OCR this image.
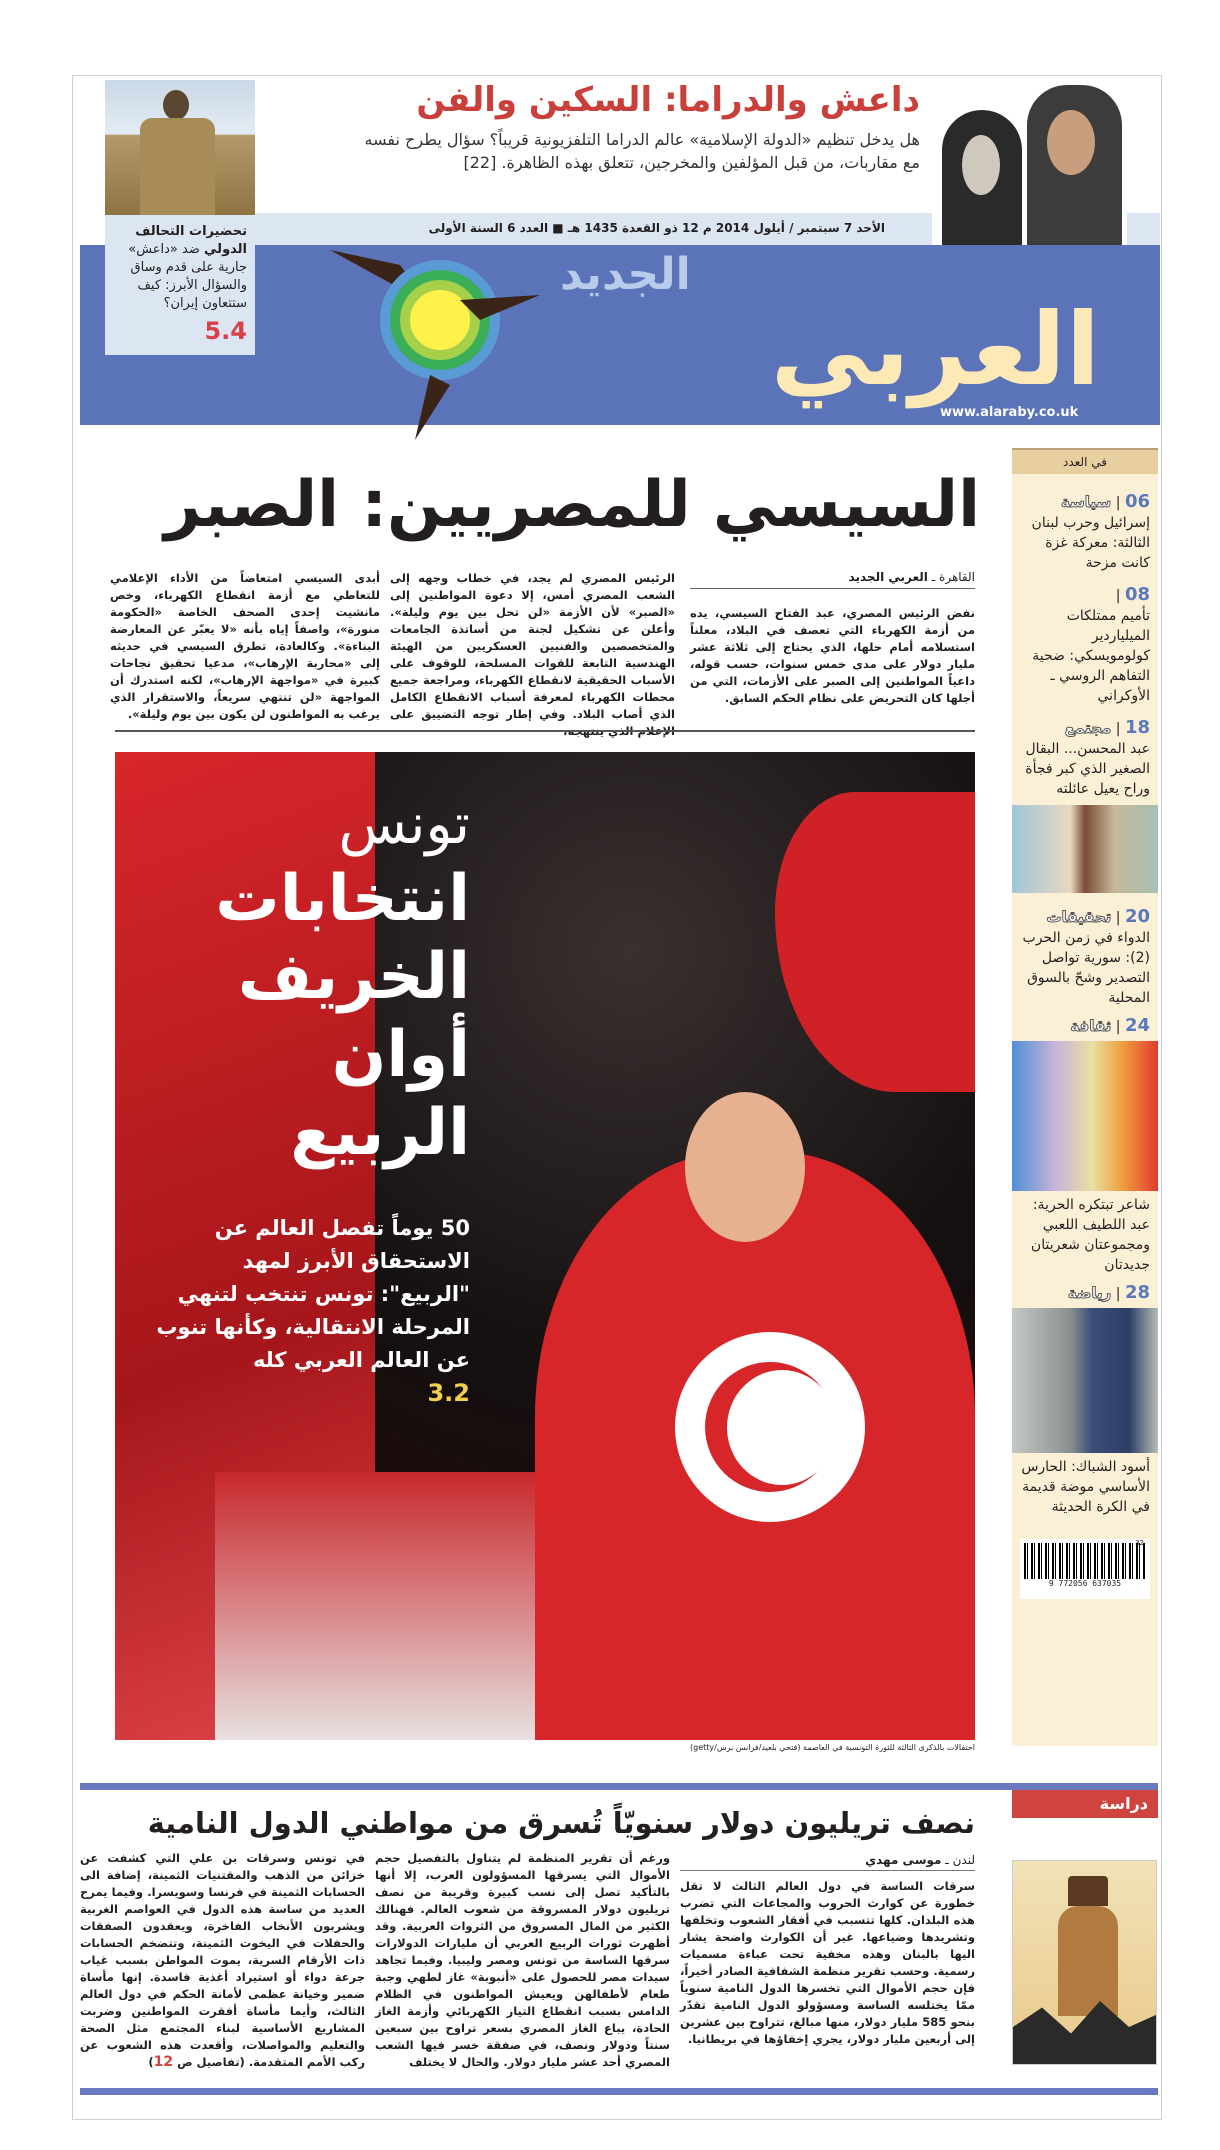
تحضيرات التحالف الدولي ضد «داعش» جارية على قدم وساق والسؤال الأبرز: كيف ستتعاون إيران؟
5.4
داعش والدراما: السكين والفن
هل يدخل تنظيم «الدولة الإسلامية» عالم الدراما التلفزيونية قريباً؟ سؤال يطرح نفسه مع مقاربات، من قبل المؤلفين والمخرجين، تتعلق بهذه الظاهرة. [22]
الأحد 7 سبتمبر / أيلول 2014 م 12 ذو القعدة 1435 هـ ■ العدد 6 السنة الأولى
الجديد
العربي
www.alaraby.co.uk
السيسي للمصريين: الصبر
القاهرة ـ العربي الجديد
نفض الرئيس المصري، عبد الفتاح السيسي، يده من أزمة الكهرباء التي تعصف في البلاد، معلناً استسلامه أمام حلها، الذي يحتاج إلى ثلاثة عشر مليار دولار على مدى خمس سنوات، حسب قوله، داعياً المواطنين إلى الصبر على الأزمات، التي من أجلها كان التحريض على نظام الحكم السابق.
الرئيس المصري لم يجد، في خطاب وجهه إلى الشعب المصري أمس، إلا دعوة المواطنين إلى «الصبر» لأن الأزمة «لن تحل بين يوم وليلة». وأعلن عن تشكيل لجنة من أساتذة الجامعات والمتخصصين والفنيين العسكريين من الهيئة الهندسية التابعة للقوات المسلحة، للوقوف على الأسباب الحقيقية لانقطاع الكهرباء، ومراجعة جميع محطات الكهرباء لمعرفة أسباب الانقطاع الكامل الذي أصاب البلاد. وفي إطار توجه التضييق على
أبدى السيسي امتعاضاً من الأداء الإعلامي للتعاطي مع أزمة انقطاع الكهرباء، وخص مانشيت إحدى الصحف الخاصة «الحكومة منورة»، واصفاً إياه بأنه «لا يعبّر عن المعارضة البناءة». وكالعادة، تطرق السيسي في حديثه إلى «محاربة الإرهاب»، مدعيا تحقيق نجاحات كبيرة في «مواجهة الإرهاب»، لكنه استدرك أن المواجهة «لن تنتهي سريعاً، والاستقرار الذي يرغب به المواطنون لن يكون بين يوم وليلة».
تونس
انتخابات
الخريف
أوان
الربيع
50 يوماً تفصل العالم عن الاستحقاق الأبرز لمهد "الربيع": تونس تنتخب لتنهي المرحلة الانتقالية، وكأنها تنوب عن العالم العربي كله
3.2
احتفالات بالذكرى الثالثة للثورة التونسية في العاصمة (فتحي بلعيد/فرانس برس/getty)
في العدد
06 | سياسة
إسرائيل وحرب لبنان الثالثة: معركة غزة كانت مزحة
08 |
تأميم ممتلكات الميلياردير كولومويسكي: ضحية التفاهم الروسي ـ الأوكراني
18 | مجتمع
عبد المحسن... البقال الصغير الذي كبر فجأة وراح يعيل عائلته
20 | تحقيقات
الدواء في زمن الحرب (2): سورية تواصل التصدير وشحّ بالسوق المحلية
24 | ثقافة
شاعر تبتكره الحرية: عبد اللطيف اللعبي ومجموعتان شعريتان جديدتان
28 | رياضة
أسود الشباك: الحارس الأساسي موضة قديمة في الكرة الحديثة
9 772056 637035
32
دراسة
نصف تريليون دولار سنويّاً تُسرق من مواطني الدول النامية
لندن ـ موسى مهدي
سرقات الساسة في دول العالم الثالث لا تقل خطورة عن كوارث الحروب والمجاعات التي تضرب هذه البلدان. كلها تتسبب في أفقار الشعوب وتخلفها وتشريدها وضياعها. غير أن الكوارث واضحة يشار اليها بالبنان وهذه مخفية تحت عباءة مسميات رسمية. وحسب تقرير منظمة الشفافية الصادر أخيراً، فإن حجم الأموال التي تخسرها الدول النامية سنوياً ممّا يختلسه الساسة ومسؤولو الدول النامية تقدّر بنحو 585 مليار دولار، منها مبالغ، تتراوح بين عشرين إلى أربعين مليار دولار، يجري إخفاؤها في بريطانيا.
ورغم أن تقرير المنظمة لم يتناول بالتفصيل حجم الأموال التي يسرقها المسؤولون العرب، إلا أنها بالتأكيد تصل إلى نسب كبيرة وقريبة من نصف تريليون دولار المسروقة من شعوب العالم. فهنالك الكثير من المال المسروق من الثروات العربية. وقد أظهرت ثورات الربيع العربي أن مليارات الدولارات سرقها الساسة من تونس ومصر وليبيا. وفيما تجاهد سيدات مصر للحصول على «أنبوبة» غاز لطهي وجبة طعام لأطفالهن ويعيش المواطنون في الظلام الدامس بسبب انقطاع التيار الكهربائي وأزمة الغاز الحادة، يباع الغاز المصري بسعر تراوح بين سبعين سنتاً ودولار ونصف، في صفقة خسر فيها الشعب المصري أحد عشر مليار دولار. والحال لا يختلف
في تونس وسرقات بن علي التي كشفت عن خزائن من الذهب والمقتنيات الثمينة، إضافة الى الحسابات الثمينة في فرنسا وسويسرا. وفيما يمرح العديد من ساسة هذه الدول في العواصم الغربية ويشربون الأنخاب الفاخرة، ويعقدون الصفقات والحفلات في اليخوت الثمينة، وتتضخم الحسابات ذات الأرقام السرية، يموت المواطن بسبب غياب جرعة دواء أو استيراد أغذية فاسدة. إنها مأساة ضمير وخيانة عظمى لأمانة الحكم في دول العالم الثالث، وأيما مأساة أفقرت المواطنين وضربت المشاريع الأساسية لبناء المجتمع مثل الصحة والتعليم والمواصلات، وأقعدت هذه الشعوب عن ركب الأمم المتقدمة. (تفاصيل ص 12)
